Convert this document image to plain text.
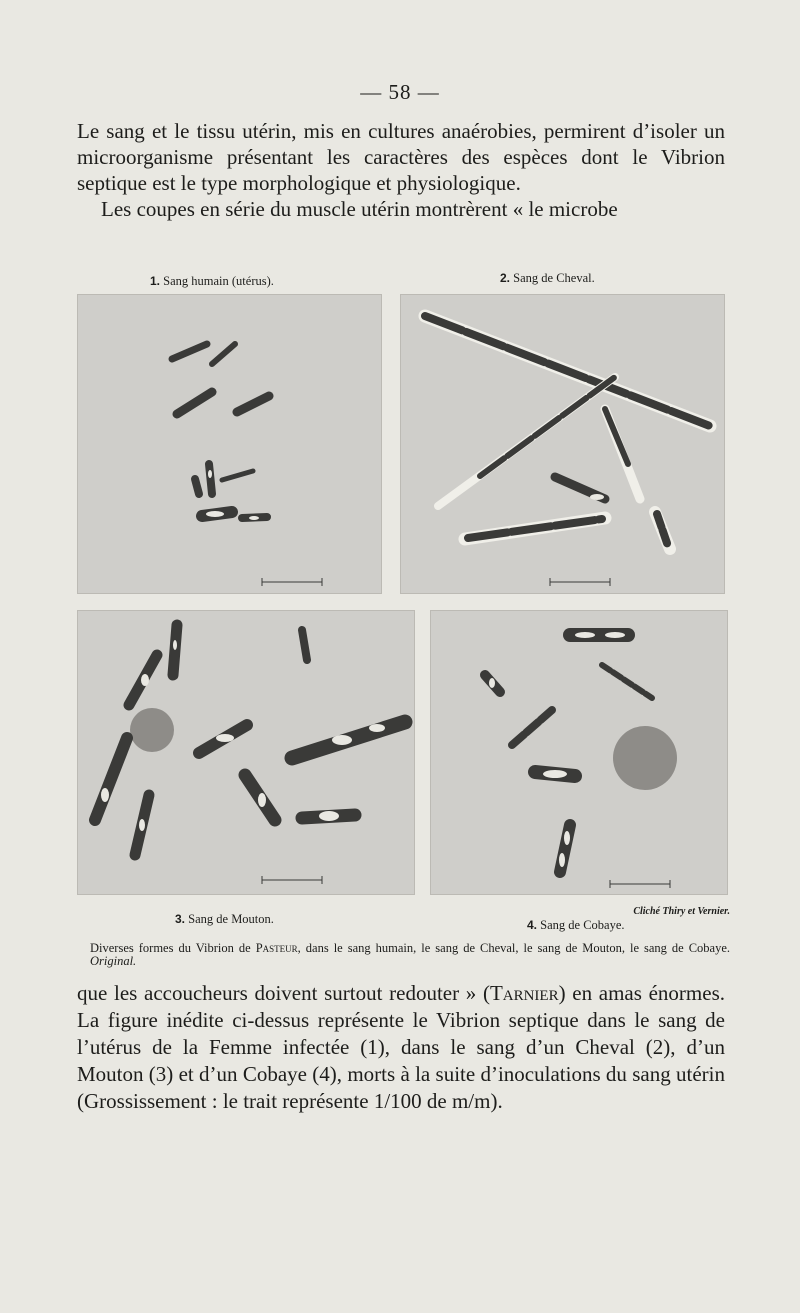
— 58 —

Le sang et le tissu utérin, mis en cultures anaérobies, permirent d’isoler un microorganisme présentant les caractères des espèces dont le Vibrion septique est le type morphologique et physiologique.
Les coupes en série du muscle utérin montrèrent « le microbe

1. Sang humain (utérus).	2. Sang de Cheval.
Cliché Thiry et Vernier.
3. Sang de Mouton.	4. Sang de Cobaye.

Diverses formes du Vibrion de Pasteur, dans le sang humain, le sang de Cheval, le sang de Mouton, le sang de Cobaye. Original.

que les accoucheurs doivent surtout redouter » (Tarnier) en amas énormes. La figure inédite ci-dessus représente le Vibrion septique dans le sang de l’utérus de la Femme infectée (1), dans le sang d’un Cheval (2), d’un Mouton (3) et d’un Cobaye (4), morts à la suite d’inoculations du sang utérin (Grossissement : le trait représente 1/100 de m/m).
